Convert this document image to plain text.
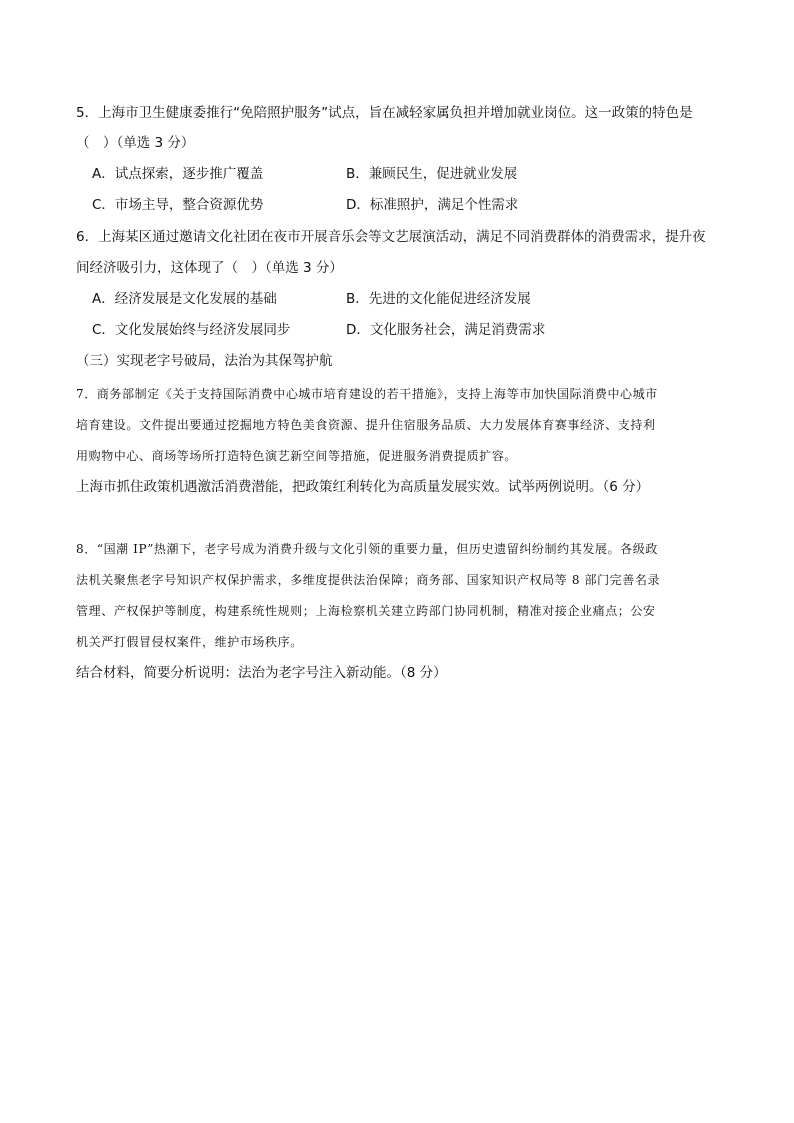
5．上海市卫生健康委推行“免陪照护服务”试点，旨在减轻家属负担并增加就业岗位。这一政策的特色是
（　）（单选 3 分）
A．试点探索，逐步推广覆盖	B．兼顾民生，促进就业发展
C．市场主导，整合资源优势	D．标准照护，满足个性需求
6．上海某区通过邀请文化社团在夜市开展音乐会等文艺展演活动，满足不同消费群体的消费需求，提升夜
间经济吸引力，这体现了（　）（单选 3 分）
A．经济发展是文化发展的基础	B．先进的文化能促进经济发展
C．文化发展始终与经济发展同步	D．文化服务社会，满足消费需求
（三）实现老字号破局，法治为其保驾护航
7．商务部制定《关于支持国际消费中心城市培育建设的若干措施》，支持上海等市加快国际消费中心城市
培育建设。文件提出要通过挖掘地方特色美食资源、提升住宿服务品质、大力发展体育赛事经济、支持利
用购物中心、商场等场所打造特色演艺新空间等措施，促进服务消费提质扩容。
上海市抓住政策机遇激活消费潜能，把政策红利转化为高质量发展实效。试举两例说明。（6 分）
8．“国潮 IP”热潮下，老字号成为消费升级与文化引领的重要力量，但历史遗留纠纷制约其发展。各级政
法机关聚焦老字号知识产权保护需求，多维度提供法治保障；商务部、国家知识产权局等 8 部门完善名录
管理、产权保护等制度，构建系统性规则；上海检察机关建立跨部门协同机制，精准对接企业痛点；公安
机关严打假冒侵权案件，维护市场秩序。
结合材料，简要分析说明：法治为老字号注入新动能。（8 分）
